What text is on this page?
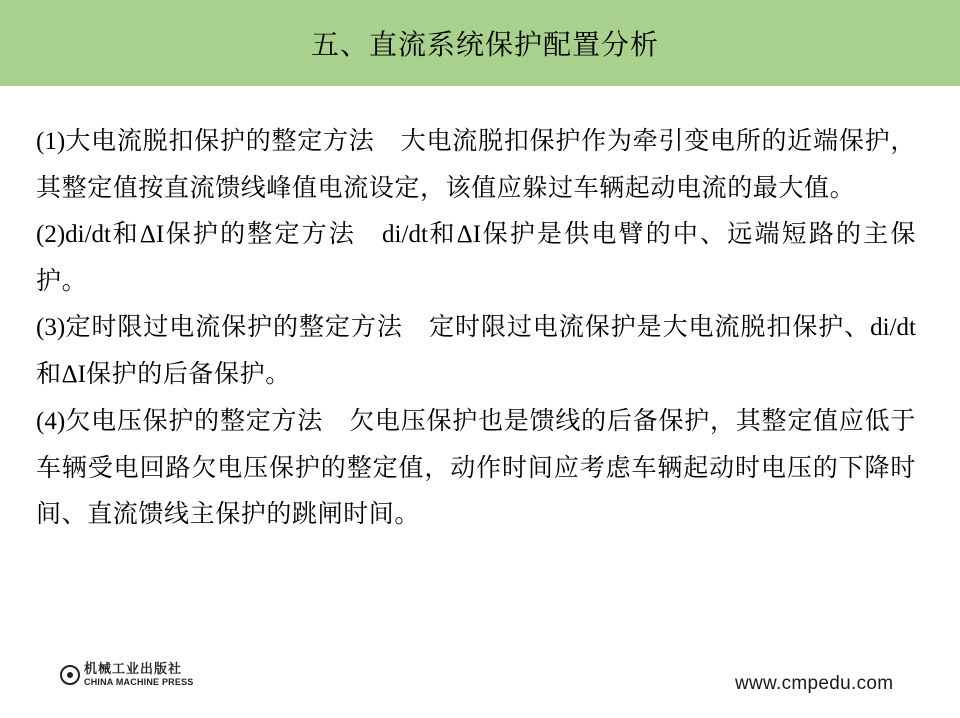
五、直流系统保护配置分析

(1)大电流脱扣保护的整定方法 大电流脱扣保护作为牵引变电所的近端保护，其整定值按直流馈线峰值电流设定，该值应躲过车辆起动电流的最大值。

(2)di/dt和ΔI保护的整定方法 di/dt和ΔI保护是供电臂的中、远端短路的主保护。

(3)定时限过电流保护的整定方法 定时限过电流保护是大电流脱扣保护、di/dt和ΔI保护的后备保护。

(4)欠电压保护的整定方法 欠电压保护也是馈线的后备保护，其整定值应低于车辆受电回路欠电压保护的整定值，动作时间应考虑车辆起动时电压的下降时间、直流馈线主保护的跳闸时间。

机械工业出版社
CHINA MACHINE PRESS	www.cmpedu.com
